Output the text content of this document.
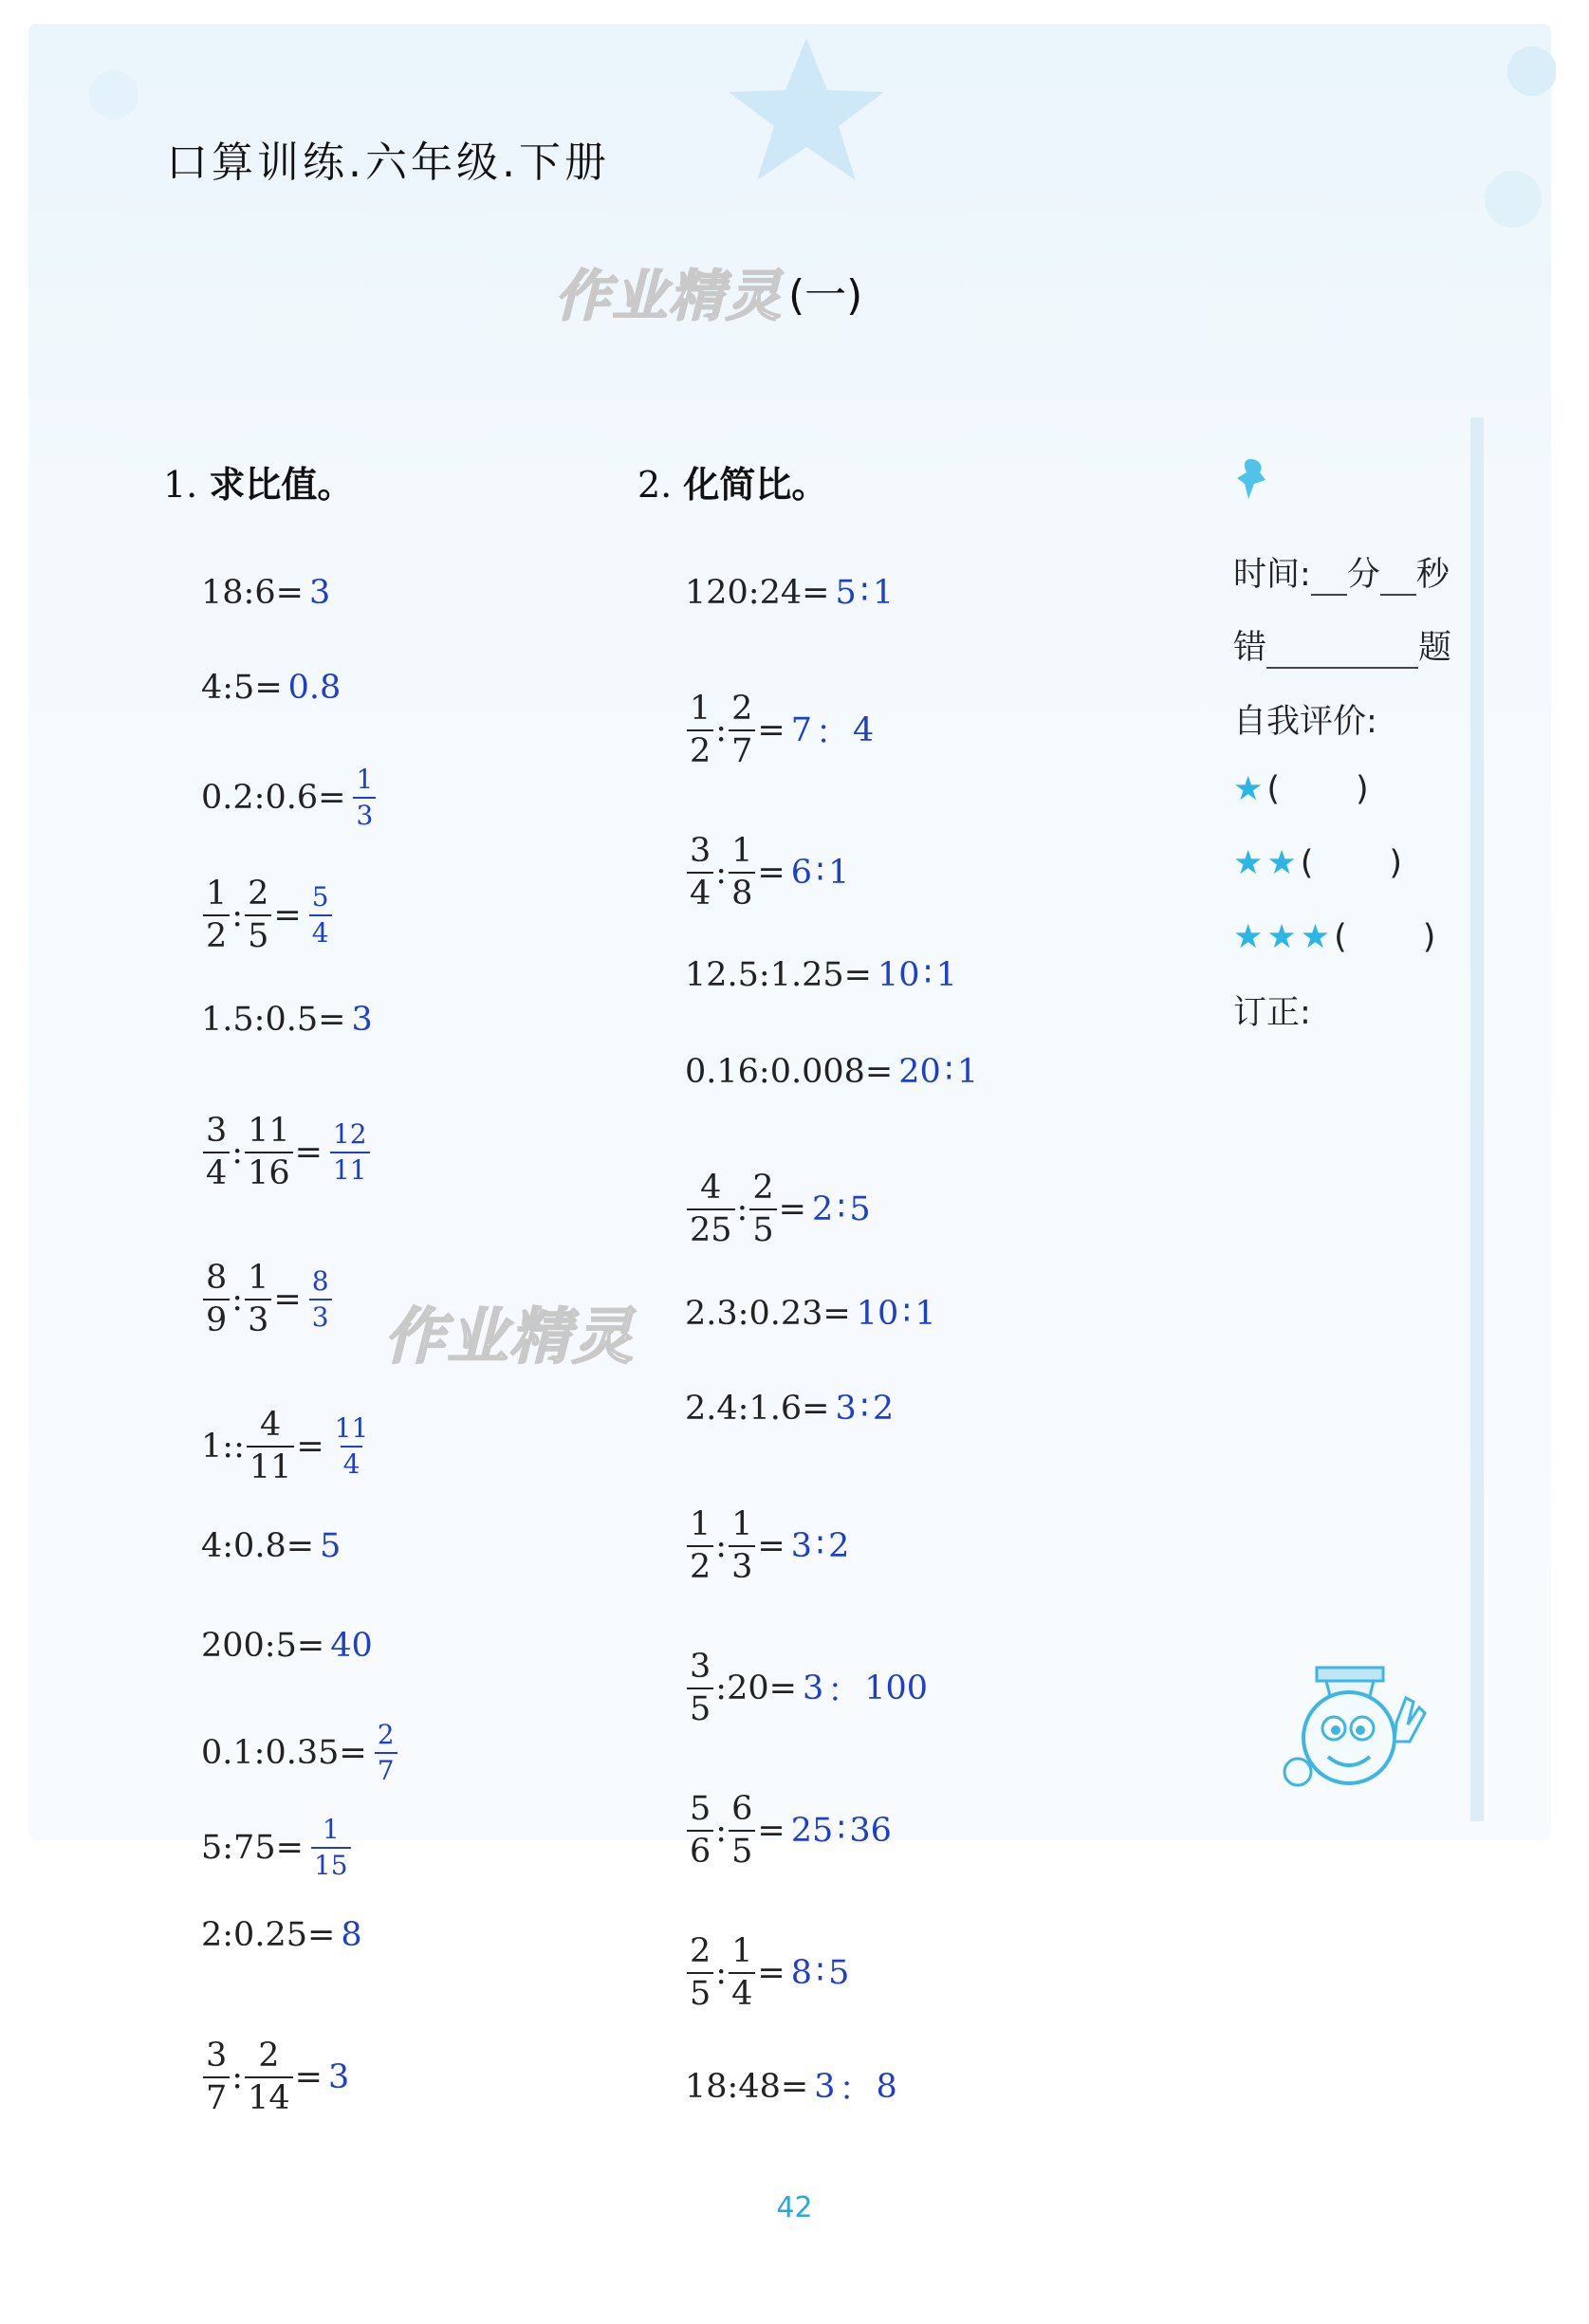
口算训练.六年级.下册
作业精灵 (一)
作业精灵
1. 求比值。	2. 化简比。
18:6= 3
4:5= 0.8
0.2:0.6= $\frac{1}{3}$
$\frac{1}{2}$ : $\frac{2}{5} = \frac{5}{4}$
1.5:0.5= 3
$\frac{3}{4}$ : $\frac{11}{16} = \frac{12}{11}$
$\frac{8}{9}$ : $\frac{1}{3} = \frac{8}{3}$
1: : $\frac{4}{11} = \frac{11}{4}$
4:0.8= 5
200:5= 40
0.1:0.35= $\frac{2}{7}$
5:75= $\frac{1}{15}$
2:0.25= 8
$\frac{3}{7}$ : $\frac{2}{14} = 3$
120:24= 5 ∶ 1
$\frac{1}{2}$ : $\frac{2}{7} = 7$ ： 4
$\frac{3}{4}$ : $\frac{1}{8} = 6$ ∶ 1
12.5:1.25= 10 ∶ 1
0.16:0.008= 20 ∶ 1
$\frac{4}{25}$ : $\frac{2}{5} = 2$ ∶ 5
2.3:0.23= 10 ∶ 1
2.4:1.6= 3 ∶ 2
$\frac{1}{2}$ : $\frac{1}{3} = 3$ ∶ 2
$\frac{3}{5}$ :20= 3 ： 100
$\frac{5}{6}$ : $\frac{6}{5} = 25$ ∶ 36
$\frac{2}{5}$ : $\frac{1}{4} = 8$ ∶ 5
18:48= 3 ： 8
时间: 分 秒
错	题
自我评价:
★( )
★★( )
★★★( )
订正:
42
